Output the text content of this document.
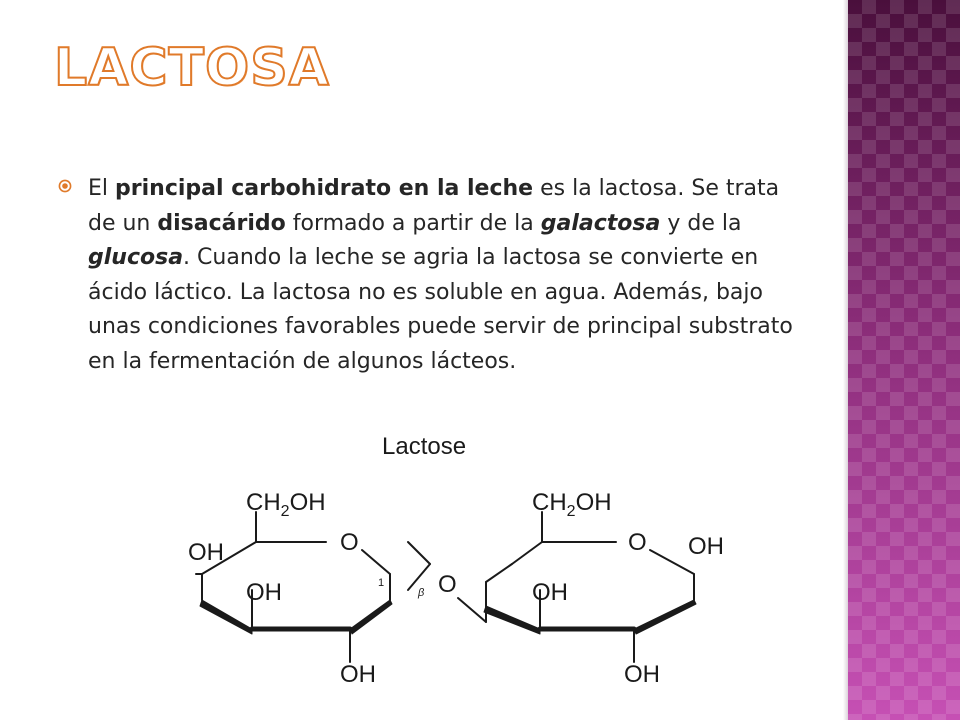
LACTOSA

El principal carbohidrato en la leche es la lactosa. Se trata de un disacárido formado a partir de la galactosa y de la glucosa. Cuando la leche se agria la lactosa se convierte en ácido láctico. La lactosa no es soluble en agua. Además, bajo unas condiciones favorables puede servir de principal substrato en la fermentación de algunos lácteos.

Lactose
$CH_2OH$
O
OH
OH
OH
1
β O
$CH_2OH$
O OH
OH
OH
